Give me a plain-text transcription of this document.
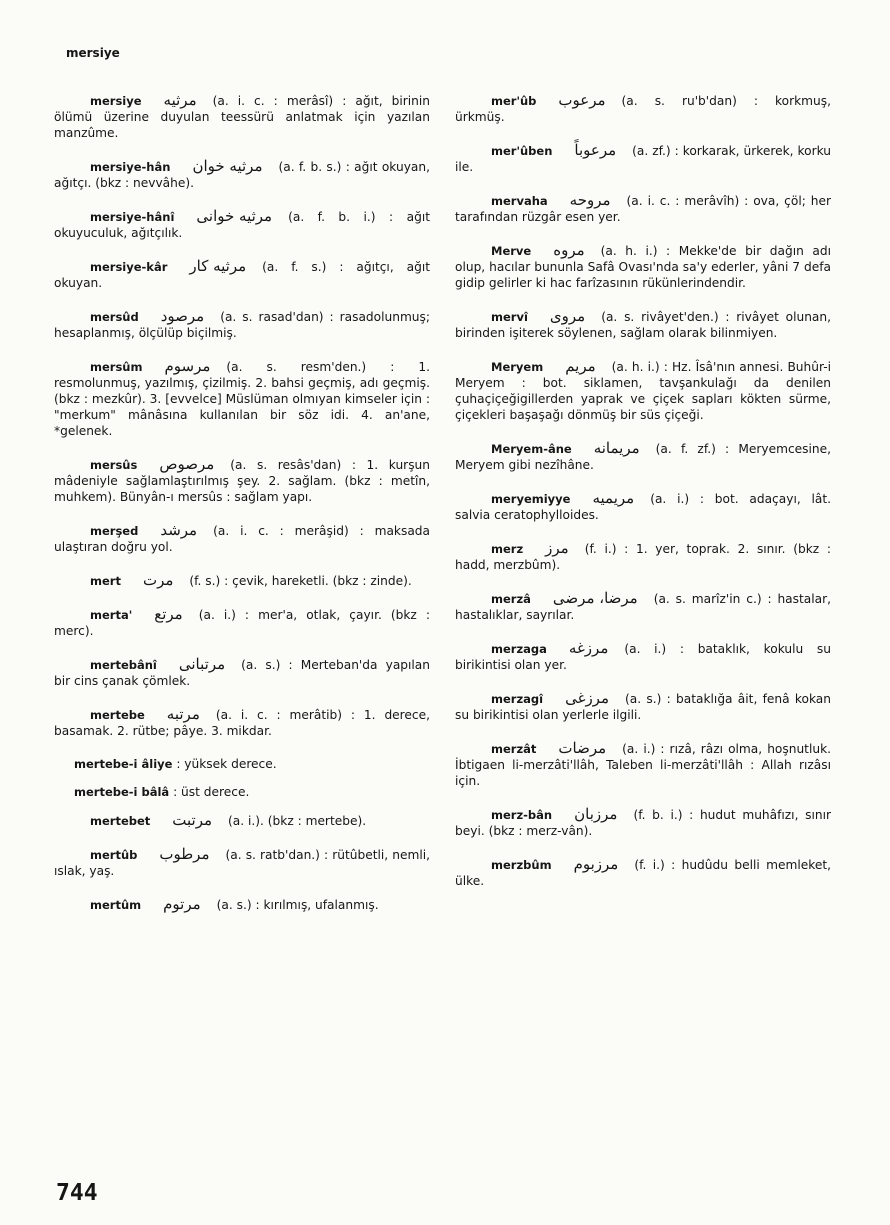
mersiye
mersiye مرثیه (a. i. c. : merâsî) : ağıt, birinin ölümü üzerine duyulan teessürü anlatmak için yazılan manzûme.
mersiye-hân مرثیه خوان (a. f. b. s.) : ağıt okuyan, ağıtçı. (bkz : nevvâhe).
mersiye-hânî مرثیه خوانی (a. f. b. i.) : ağıt okuyuculuk, ağıtçılık.
mersiye-kâr مرثیه کار (a. f. s.) : ağıtçı, ağıt okuyan.
mersûd مرصود (a. s. rasad'dan) : rasadolunmuş; hesaplanmış, ölçülüp biçilmiş.
mersûm مرسوم (a. s. resm'den.) : 1. resmolunmuş, yazılmış, çizilmiş. 2. bahsi geçmiş, adı geçmiş. (bkz : mezkûr). 3. [evvelce] Müslüman olmıyan kimseler için : "merkum" mânâsına kullanılan bir söz idi. 4. an'ane, *gelenek.
mersûs مرصوص (a. s. resâs'dan) : 1. kurşun mâdeniyle sağlamlaştırılmış şey. 2. sağlam. (bkz : metîn, muhkem). Bünyân-ı mersûs : sağlam yapı.
merşed مرشد (a. i. c. : merâşid) : maksada ulaştıran doğru yol.
mert مرت (f. s.) : çevik, hareketli. (bkz : zinde).
merta' مرتع (a. i.) : mer'a, otlak, çayır. (bkz : merc).
mertebânî مرتبانی (a. s.) : Merteban'da yapılan bir cins çanak çömlek.
mertebe مرتبه (a. i. c. : merâtib) : 1. derece, basamak. 2. rütbe; pâye. 3. mikdar.
mertebe-i âliye : yüksek derece.
mertebe-i bâlâ : üst derece.
mertebet مرتبت (a. i.). (bkz : mertebe).
mertûb مرطوب (a. s. ratb'dan.) : rütûbetli, nemli, ıslak, yaş.
mertûm مرتوم (a. s.) : kırılmış, ufalanmış.
mer'ûb مرعوب (a. s. ru'b'dan) : korkmuş, ürkmüş.
mer'ûben مرعوباً (a. zf.) : korkarak, ürkerek, korku ile.
mervaha مروحه (a. i. c. : merâvîh) : ova, çöl; her tarafından rüzgâr esen yer.
Merve مروه (a. h. i.) : Mekke'de bir dağın adı olup, hacılar bununla Safâ Ovası'nda sa'y ederler, yâni 7 defa gidip gelirler ki hac farîzasının rükünlerindendir.
mervî مروی (a. s. rivâyet'den.) : rivâyet olunan, birinden işiterek söylenen, sağlam olarak bilinmiyen.
Meryem مریم (a. h. i.) : Hz. Îsâ'nın annesi. Buhûr-i Meryem : bot. siklamen, tavşankulağı da denilen çuhaçiçeğigillerden yaprak ve çiçek sapları kökten sürme, çiçekleri başaşağı dönmüş bir süs çiçeği.
Meryem-âne مریمانه (a. f. zf.) : Meryemcesine, Meryem gibi nezîhâne.
meryemiyye مریمیه (a. i.) : bot. adaçayı, lât. salvia ceratophylloides.
merz مرز (f. i.) : 1. yer, toprak. 2. sınır. (bkz : hadd, merzbûm).
merzâ مرضا، مرضی (a. s. marîz'in c.) : hastalar, hastalıklar, sayrılar.
merzaga مرزغه (a. i.) : bataklık, kokulu su birikintisi olan yer.
merzagî مرزغی (a. s.) : bataklığa âit, fenâ kokan su birikintisi olan yerlerle ilgili.
merzât مرضات (a. i.) : rızâ, râzı olma, hoşnutluk. İbtigaen li-merzâti'llâh, Taleben li-merzâti'llâh : Allah rızâsı için.
merz-bân مرزبان (f. b. i.) : hudut muhâfızı, sınır beyi. (bkz : merz-vân).
merzbûm مرزبوم (f. i.) : hudûdu belli memleket, ülke.
744
